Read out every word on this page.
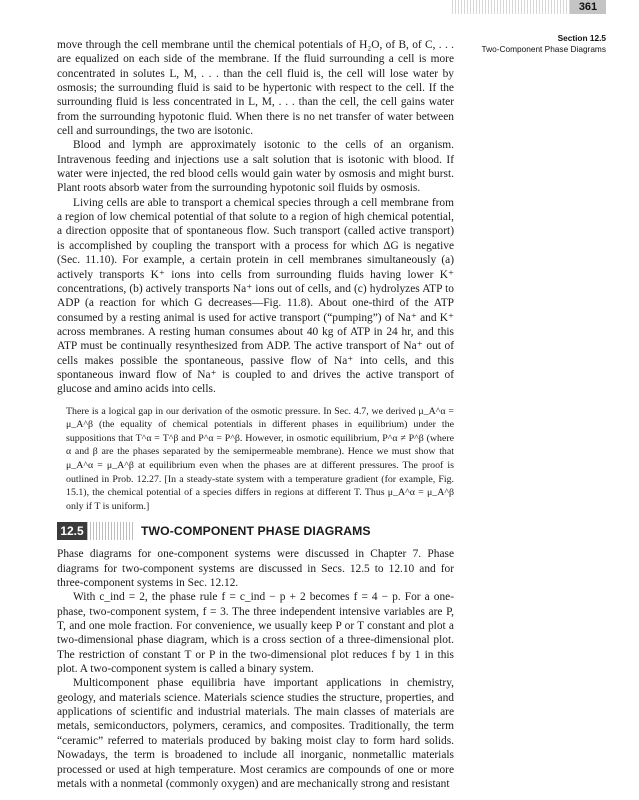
361
Section 12.5
Two-Component Phase Diagrams

move through the cell membrane until the chemical potentials of H₂O, of B, of C, . . . are equalized on each side of the membrane. If the fluid surrounding a cell is more concentrated in solutes L, M, . . . than the cell fluid is, the cell will lose water by osmosis; the surrounding fluid is said to be hypertonic with respect to the cell. If the surrounding fluid is less concentrated in L, M, . . . than the cell, the cell gains water from the surrounding hypotonic fluid. When there is no net transfer of water between cell and surroundings, the two are isotonic.

Blood and lymph are approximately isotonic to the cells of an organism. Intravenous feeding and injections use a salt solution that is isotonic with blood. If water were injected, the red blood cells would gain water by osmosis and might burst. Plant roots absorb water from the surrounding hypotonic soil fluids by osmosis.

Living cells are able to transport a chemical species through a cell membrane from a region of low chemical potential of that solute to a region of high chemical potential, a direction opposite that of spontaneous flow. Such transport (called active transport) is accomplished by coupling the transport with a process for which ΔG is negative (Sec. 11.10). For example, a certain protein in cell membranes simultaneously (a) actively transports K⁺ ions into cells from surrounding fluids having lower K⁺ concentrations, (b) actively transports Na⁺ ions out of cells, and (c) hydrolyzes ATP to ADP (a reaction for which G decreases—Fig. 11.8). About one-third of the ATP consumed by a resting animal is used for active transport (“pumping”) of Na⁺ and K⁺ across membranes. A resting human consumes about 40 kg of ATP in 24 hr, and this ATP must be continually resynthesized from ADP. The active transport of Na⁺ out of cells makes possible the spontaneous, passive flow of Na⁺ into cells, and this spontaneous inward flow of Na⁺ is coupled to and drives the active transport of glucose and amino acids into cells.

There is a logical gap in our derivation of the osmotic pressure. In Sec. 4.7, we derived μ_A^α = μ_A^β (the equality of chemical potentials in different phases in equilibrium) under the suppositions that T^α = T^β and P^α = P^β. However, in osmotic equilibrium, P^α ≠ P^β (where α and β are the phases separated by the semipermeable membrane). Hence we must show that μ_A^α = μ_A^β at equilibrium even when the phases are at different pressures. The proof is outlined in Prob. 12.27. [In a steady-state system with a temperature gradient (for example, Fig. 15.1), the chemical potential of a species differs in regions at different T. Thus μ_A^α = μ_A^β only if T is uniform.]
12.5	TWO-COMPONENT PHASE DIAGRAMS

Phase diagrams for one-component systems were discussed in Chapter 7. Phase diagrams for two-component systems are discussed in Secs. 12.5 to 12.10 and for three-component systems in Sec. 12.12.

With c_ind = 2, the phase rule f = c_ind − p + 2 becomes f = 4 − p. For a one-phase, two-component system, f = 3. The three independent intensive variables are P, T, and one mole fraction. For convenience, we usually keep P or T constant and plot a two-dimensional phase diagram, which is a cross section of a three-dimensional plot. The restriction of constant T or P in the two-dimensional plot reduces f by 1 in this plot. A two-component system is called a binary system.

Multicomponent phase equilibria have important applications in chemistry, geology, and materials science. Materials science studies the structure, properties, and applications of scientific and industrial materials. The main classes of materials are metals, semiconductors, polymers, ceramics, and composites. Traditionally, the term “ceramic” referred to materials produced by baking moist clay to form hard solids. Nowadays, the term is broadened to include all inorganic, nonmetallic materials processed or used at high temperature. Most ceramics are compounds of one or more metals with a nonmetal (commonly oxygen) and are mechanically strong and resistant
